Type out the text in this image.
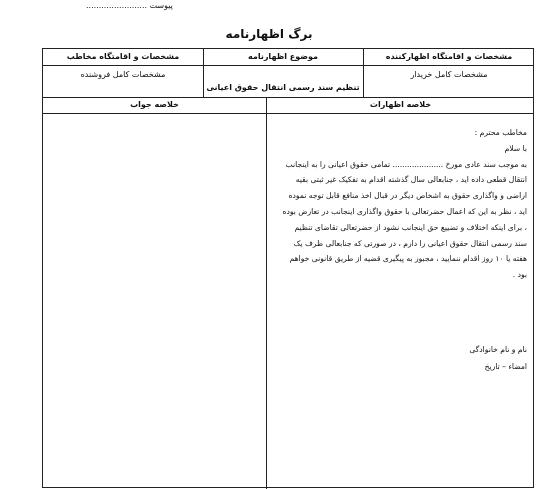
پیوست ........................
برگ اظهارنامه
مشخصات و اقامتگاه اظهارکننده
موضوع اظهارنامه
مشخصات و اقامتگاه مخاطب
مشخصات کامل خریدار
تنظیم سند رسمی انتقال حقوق اعیانی
مشخصات کامل فروشنده
خلاصه اظهارات
خلاصه جواب

مخاطب محترم :

با سلام

به موجب سند عادی مورخ ..................... تمامی حقوق اعیانی را به اینجانب

انتقال قطعی داده اید ، جنابعالی سال گذشته اقدام به تفکیک غیر ثبتی بقیه

اراضی و واگذاری حقوق به اشخاص دیگر در قبال اخذ منافع قابل توجه نموده

اید ، نظر به این که اعمال حضرتعالی با حقوق واگذاری اینجانب در تعارض بوده

، برای اینکه اختلاف و تضییع حق اینجانب نشود از حضرتعالی تقاضای تنظیم

سند رسمی انتقال حقوق اعیانی را دارم ، در صورتی که جنابعالی ظرف یک

هفته یا ۱۰ روز اقدام ننمایید ، مجبور به پیگیری قضیه از طریق قانونی خواهم

بود .

نام و نام خانوادگی
امضاء – تاریخ
